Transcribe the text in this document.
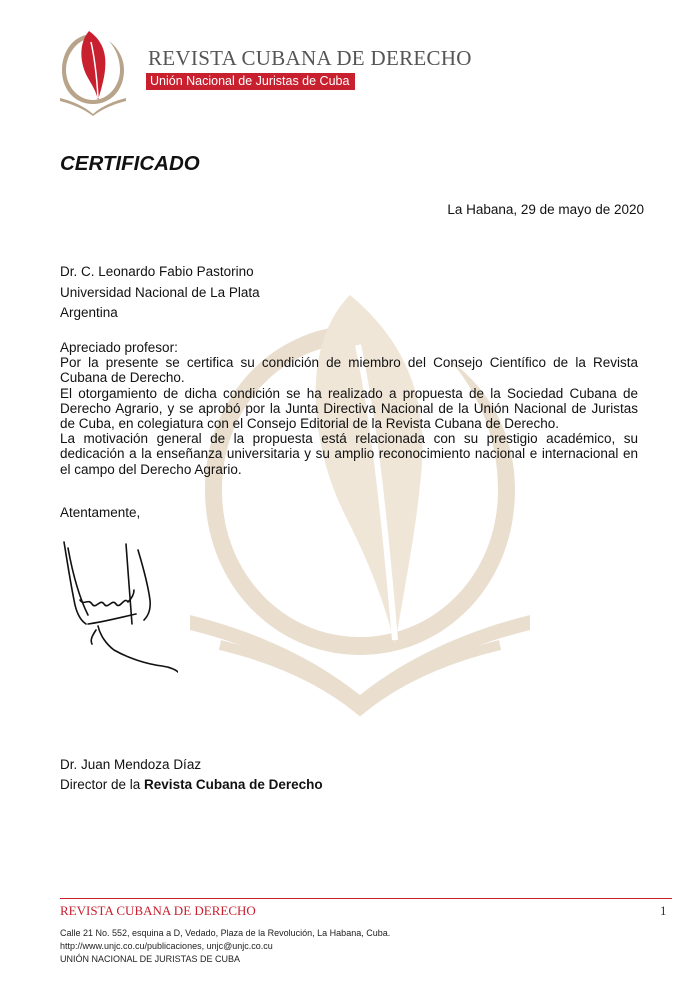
REVISTA CUBANA DE DERECHO
Unión Nacional de Juristas de Cuba
CERTIFICADO
La Habana, 29 de mayo de 2020
Dr. C. Leonardo Fabio Pastorino
Universidad Nacional de La Plata
Argentina

Apreciado profesor:

Por la presente se certifica su condición de miembro del Consejo Científico de la Revista Cubana de Derecho.

El otorgamiento de dicha condición se ha realizado a propuesta de la Sociedad Cubana de Derecho Agrario, y se aprobó por la Junta Directiva Nacional de la Unión Nacional de Juristas de Cuba, en colegiatura con el Consejo Editorial de la Revista Cubana de Derecho.

La motivación general de la propuesta está relacionada con su prestigio académico, su dedicación a la enseñanza universitaria y su amplio reconocimiento nacional e internacional en el campo del Derecho Agrario.

Atentamente,
Dr. Juan Mendoza Díaz
Director de la Revista Cubana de Derecho
REVISTA CUBANA DE DERECHO	1
Calle 21 No. 552, esquina a D, Vedado, Plaza de la Revolución, La Habana, Cuba.
http://www.unjc.co.cu/publicaciones, unjc@unjc.co.cu
UNIÓN NACIONAL DE JURISTAS DE CUBA
